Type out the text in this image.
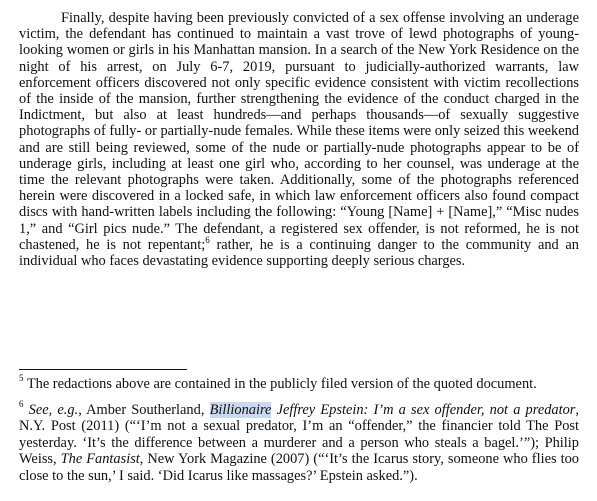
Finally, despite having been previously convicted of a sex offense involving an underage victim, the defendant has continued to maintain a vast trove of lewd photographs of young-looking women or girls in his Manhattan mansion. In a search of the New York Residence on the night of his arrest, on July 6-7, 2019, pursuant to judicially-authorized warrants, law enforcement officers discovered not only specific evidence consistent with victim recollections of the inside of the mansion, further strengthening the evidence of the conduct charged in the Indictment, but also at least hundreds—and perhaps thousands—of sexually suggestive photographs of fully- or partially-nude females. While these items were only seized this weekend and are still being reviewed, some of the nude or partially-nude photographs appear to be of underage girls, including at least one girl who, according to her counsel, was underage at the time the relevant photographs were taken. Additionally, some of the photographs referenced herein were discovered in a locked safe, in which law enforcement officers also found compact discs with hand-written labels including the following: “Young [Name] + [Name],” “Misc nudes 1,” and “Girl pics nude.” The defendant, a registered sex offender, is not reformed, he is not chastened, he is not repentant;$^6$ rather, he is a continuing danger to the community and an individual who faces devastating evidence supporting deeply serious charges.

$^5$ The redactions above are contained in the publicly filed version of the quoted document.
$^6$ See, e.g., Amber Southerland, Billionaire Jeffrey Epstein: I’m a sex offender, not a predator, N.Y. Post (2011) (“‘I’m not a sexual predator, I’m an “offender,” the financier told The Post yesterday. ‘It’s the difference between a murderer and a person who steals a bagel.’”); Philip Weiss, The Fantasist, New York Magazine (2007) (“‘It’s the Icarus story, someone who flies too close to the sun,’ I said. ‘Did Icarus like massages?’ Epstein asked.”).
